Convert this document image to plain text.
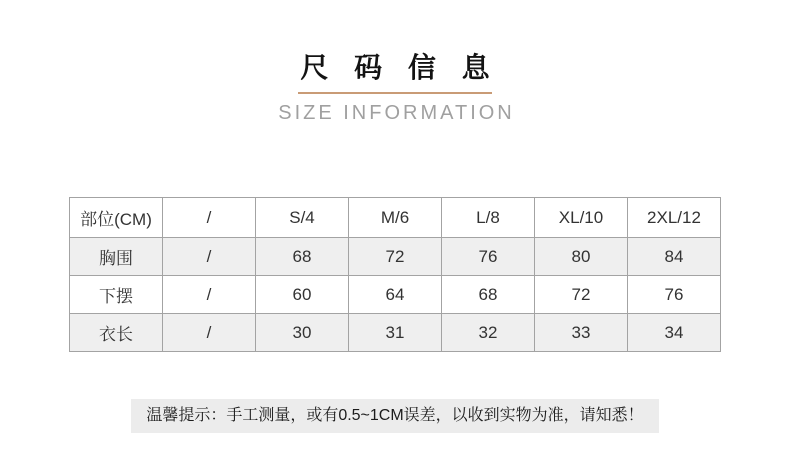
尺 码 信 息
SIZE INFORMATION
部位(CM)	/	S/4	M/6	L/8	XL/10	2XL/12
胸围	/	68	72	76	80	84
下摆	/	60	64	68	72	76
衣长	/	30	31	32	33	34
温馨提示：手工测量，或有0.5~1CM误差，以收到实物为准，请知悉！
